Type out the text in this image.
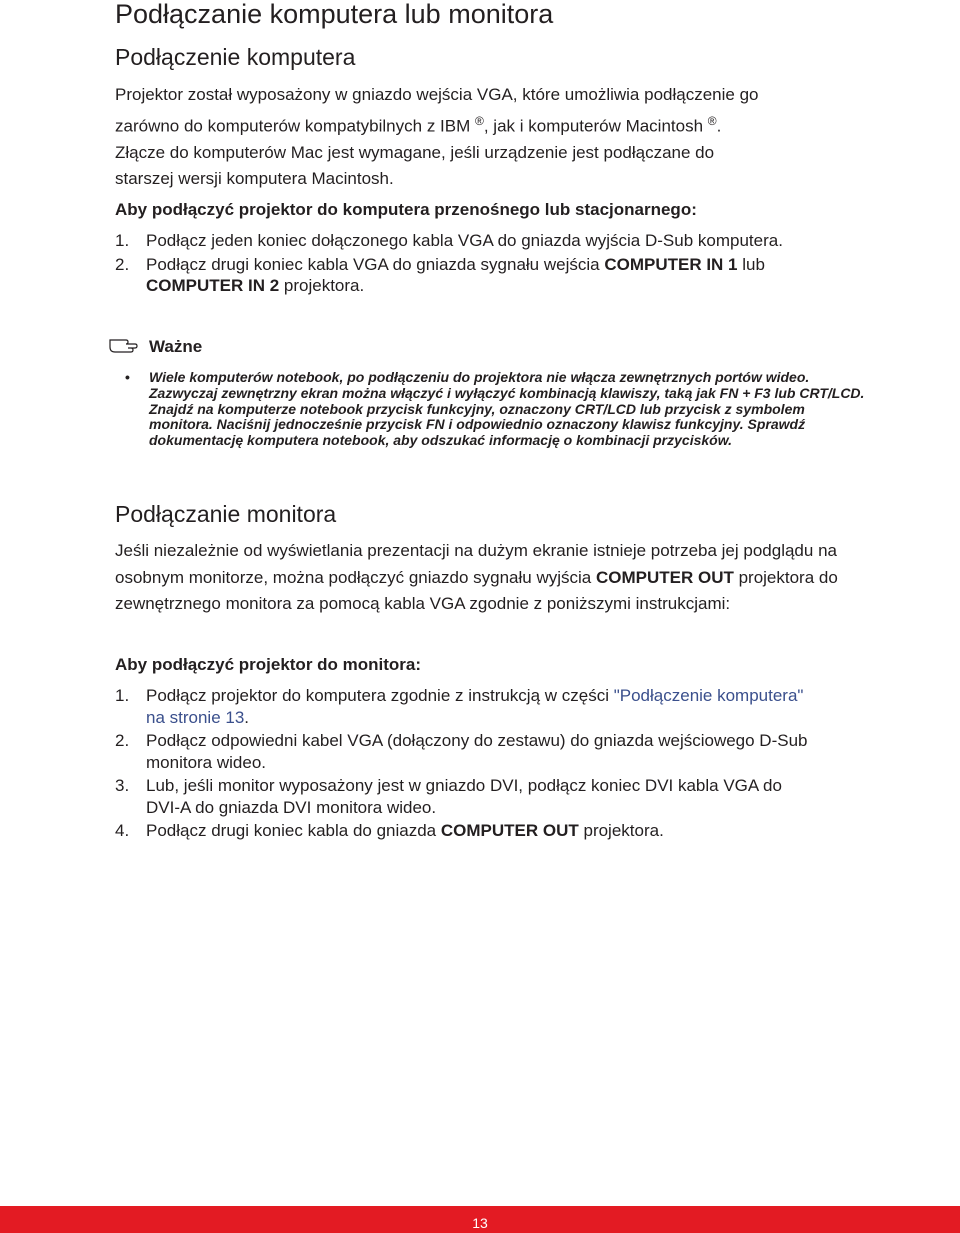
Podłączanie komputera lub monitora
Podłączenie komputera
Projektor został wyposażony w gniazdo wejścia VGA, które umożliwia podłączenie go
zarówno do komputerów kompatybilnych z IBM ®, jak i komputerów Macintosh ®.
Złącze do komputerów Mac jest wymagane, jeśli urządzenie jest podłączane do
starszej wersji komputera Macintosh.
Aby podłączyć projektor do komputera przenośnego lub stacjonarnego:
1. Podłącz jeden koniec dołączonego kabla VGA do gniazda wyjścia D-Sub komputera.
2. Podłącz drugi koniec kabla VGA do gniazda sygnału wejścia COMPUTER IN 1 lub
COMPUTER IN 2 projektora.
Ważne
• Wiele komputerów notebook, po podłączeniu do projektora nie włącza zewnętrznych portów wideo. Zazwyczaj zewnętrzny ekran można włączyć i wyłączyć kombinacją klawiszy, taką jak FN + F3 lub CRT/LCD. Znajdź na komputerze notebook przycisk funkcyjny, oznaczony CRT/LCD lub przycisk z symbolem monitora. Naciśnij jednocześnie przycisk FN i odpowiednio oznaczony klawisz funkcyjny. Sprawdź dokumentację komputera notebook, aby odszukać informację o kombinacji przycisków.
Podłączanie monitora
Jeśli niezależnie od wyświetlania prezentacji na dużym ekranie istnieje potrzeba jej podglądu na osobnym monitorze, można podłączyć gniazdo sygnału wyjścia COMPUTER OUT projektora do zewnętrznego monitora za pomocą kabla VGA zgodnie z poniższymi instrukcjami:
Aby podłączyć projektor do monitora:
1. Podłącz projektor do komputera zgodnie z instrukcją w części "Podłączenie komputera" na stronie 13.
2. Podłącz odpowiedni kabel VGA (dołączony do zestawu) do gniazda wejściowego D-Sub monitora wideo.
3. Lub, jeśli monitor wyposażony jest w gniazdo DVI, podłącz koniec DVI kabla VGA do DVI-A do gniazda DVI monitora wideo.
4. Podłącz drugi koniec kabla do gniazda COMPUTER OUT projektora.
13
